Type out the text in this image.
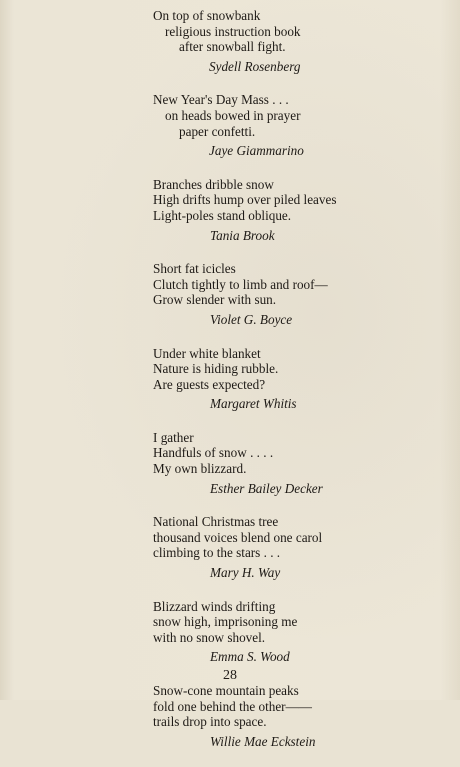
On top of snowbank
religious instruction book
after snowball fight.
Sydell Rosenberg
New Year's Day Mass . . .
on heads bowed in prayer
paper confetti.
Jaye Giammarino
Branches dribble snow
High drifts hump over piled leaves
Light-poles stand oblique.
Tania Brook
Short fat icicles
Clutch tightly to limb and roof—
Grow slender with sun.
Violet G. Boyce
Under white blanket
Nature is hiding rubble.
Are guests expected?
Margaret Whitis
I gather
Handfuls of snow . . . .
My own blizzard.
Esther Bailey Decker
National Christmas tree
thousand voices blend one carol
climbing to the stars . . .
Mary H. Way
Blizzard winds drifting
snow high, imprisoning me
with no snow shovel.
Emma S. Wood
Snow-cone mountain peaks
fold one behind the other——
trails drop into space.
Willie Mae Eckstein
28
